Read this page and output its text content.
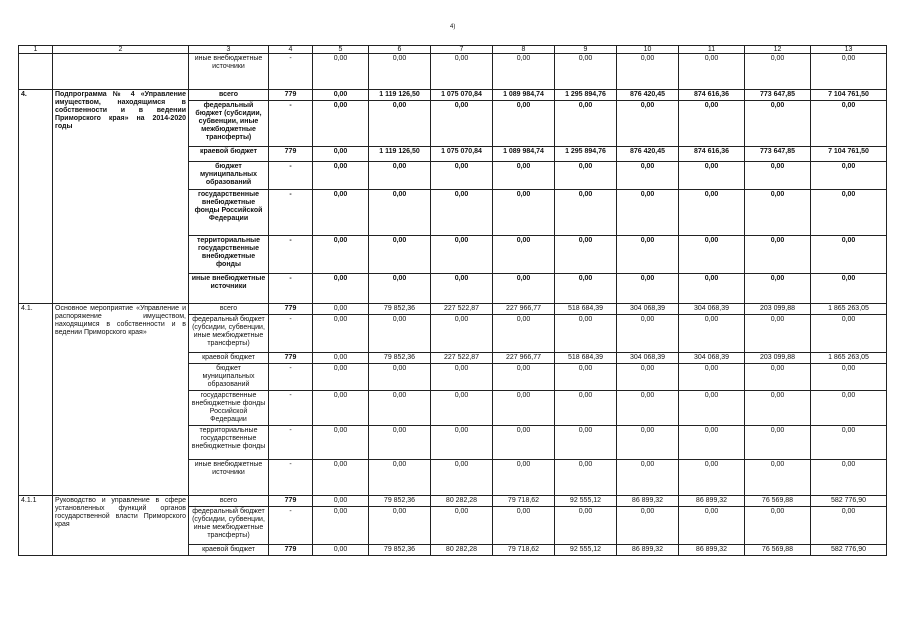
4)
1	2	3	4	5	6	7	8	9	10	11	12	13
		иные внебюджетные источники	-	0,00	0,00	0,00	0,00	0,00	0,00	0,00	0,00	0,00
4.	Подпрограмма № 4 «Управление имуществом, находящимся в собственности и в ведении Приморского края» на 2014-2020 годы	всего	779	0,00	1 119 126,50	1 075 070,84	1 089 984,74	1 295 894,76	876 420,45	874 616,36	773 647,85	7 104 761,50
		федеральный бюджет (субсидии, субвенции, иные межбюджетные трансферты)	-	0,00	0,00	0,00	0,00	0,00	0,00	0,00	0,00	0,00
		краевой бюджет	779	0,00	1 119 126,50	1 075 070,84	1 089 984,74	1 295 894,76	876 420,45	874 616,36	773 647,85	7 104 761,50
		бюджет муниципальных образований	-	0,00	0,00	0,00	0,00	0,00	0,00	0,00	0,00	0,00
		государственные внебюджетные фонды Российской Федерации	-	0,00	0,00	0,00	0,00	0,00	0,00	0,00	0,00	0,00
		территориальные государственные внебюджетные фонды	-	0,00	0,00	0,00	0,00	0,00	0,00	0,00	0,00	0,00
		иные внебюджетные источники	-	0,00	0,00	0,00	0,00	0,00	0,00	0,00	0,00	0,00
4.1.	Основное мероприятие «Управление и распоряжение имуществом, находящимся в собственности и в ведении Приморского края»	всего	779	0,00	79 852,36	227 522,87	227 966,77	518 684,39	304 068,39	304 068,39	203 099,88	1 865 263,05
		федеральный бюджет (субсидии, субвенции, иные межбюджетные трансферты)	-	0,00	0,00	0,00	0,00	0,00	0,00	0,00	0,00	0,00
		краевой бюджет	779	0,00	79 852,36	227 522,87	227 966,77	518 684,39	304 068,39	304 068,39	203 099,88	1 865 263,05
		бюджет муниципальных образований	-	0,00	0,00	0,00	0,00	0,00	0,00	0,00	0,00	0,00
		государственные внебюджетные фонды Российской Федерации	-	0,00	0,00	0,00	0,00	0,00	0,00	0,00	0,00	0,00
		территориальные государственные внебюджетные фонды	-	0,00	0,00	0,00	0,00	0,00	0,00	0,00	0,00	0,00
		иные внебюджетные источники	-	0,00	0,00	0,00	0,00	0,00	0,00	0,00	0,00	0,00
4.1.1	Руководство и управление в сфере установленных функций органов государственной власти Приморского края	всего	779	0,00	79 852,36	80 282,28	79 718,62	92 555,12	86 899,32	86 899,32	76 569,88	582 776,90
		федеральный бюджет (субсидии, субвенции, иные межбюджетные трансферты)	-	0,00	0,00	0,00	0,00	0,00	0,00	0,00	0,00	0,00
		краевой бюджет	779	0,00	79 852,36	80 282,28	79 718,62	92 555,12	86 899,32	86 899,32	76 569,88	582 776,90
